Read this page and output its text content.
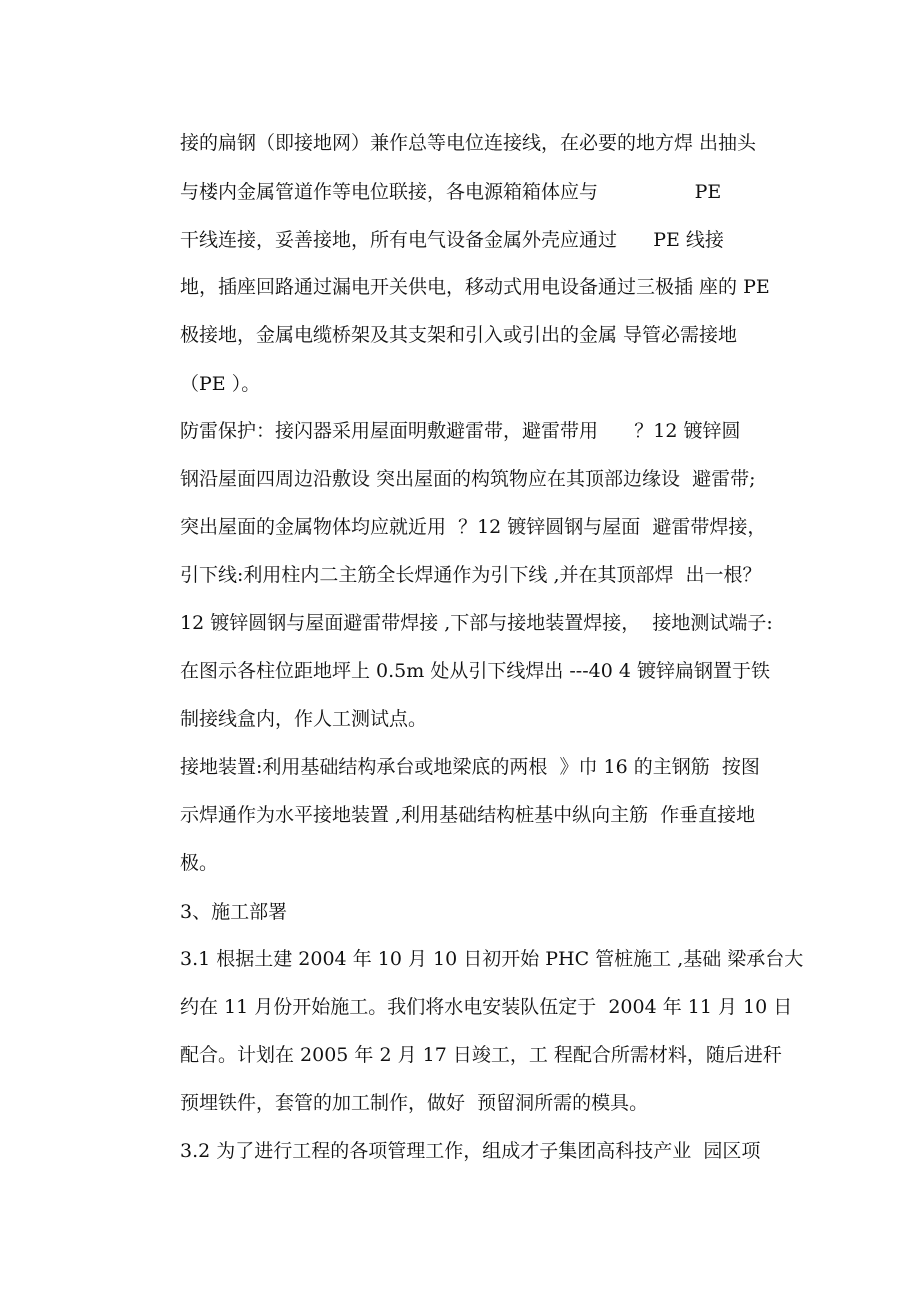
接的扁钢（即接地网）兼作总等电位连接线，在必要的地方焊 出抽头
与楼内金属管道作等电位联接，各电源箱箱体应与                PE
干线连接，妥善接地，所有电气设备金属外壳应通过      PE 线接
地，插座回路通过漏电开关供电，移动式用电设备通过三极插 座的 PE
极接地，金属电缆桥架及其支架和引入或引出的金属 导管必需接地
（PE ）。
防雷保护：接闪器采用屋面明敷避雷带，避雷带用      ？12 镀锌圆
钢沿屋面四周边沿敷设 突出屋面的构筑物应在其顶部边缘设  避雷带;
突出屋面的金属物体均应就近用  ？12 镀锌圆钢与屋面  避雷带焊接，
引下线:利用柱内二主筋全长焊通作为引下线 ,并在其顶部焊  出一根？
12 镀锌圆钢与屋面避雷带焊接 ,下部与接地装置焊接，  接地测试端子:
在图示各柱位距地坪上 0.5m 处从引下线焊出 ---40 4 镀锌扁钢置于铁
制接线盒内，作人工测试点。
接地装置:利用基础结构承台或地梁底的两根  》巾 16 的主钢筋  按图
示焊通作为水平接地装置 ,利用基础结构桩基中纵向主筋  作垂直接地
极。
3、施工部署
3.1 根据土建 2004 年 10 月 10 日初开始 PHC 管桩施工 ,基础 梁承台大
约在 11 月份开始施工。我们将水电安装队伍定于  2004 年 11 月 10 日
配合。计划在 2005 年 2 月 17 日竣工，工 程配合所需材料，随后进秆
预埋铁件，套管的加工制作，做好  预留洞所需的模具。
3.2 为了进行工程的各项管理工作，组成才子集团高科技产业  园区项
